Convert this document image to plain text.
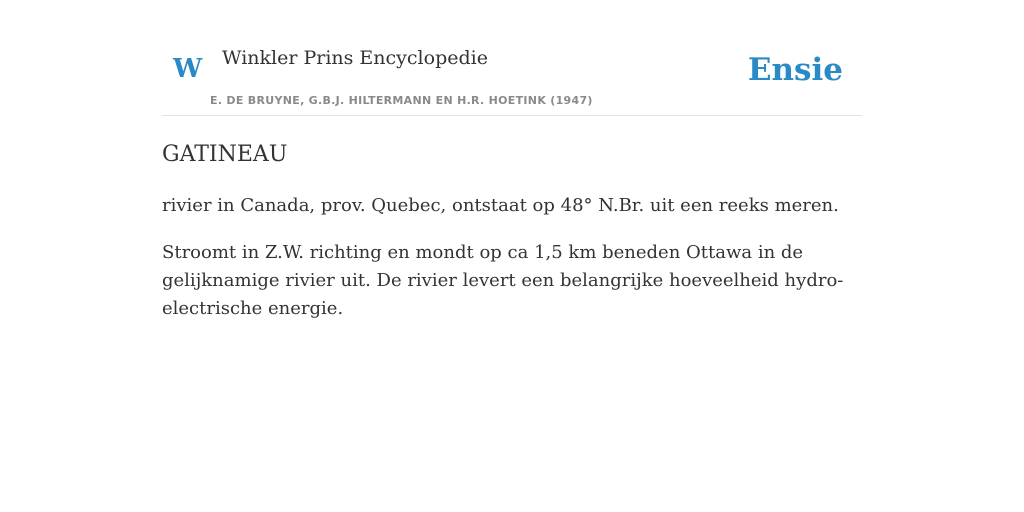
W Winkler Prins Encyclopedie
E. DE BRUYNE, G.B.J. HILTERMANN EN H.R. HOETINK (1947)
Ensie
GATINEAU

rivier in Canada, prov. Quebec, ontstaat op 48° N.Br. uit een reeks meren.

Stroomt in Z.W. richting en mondt op ca 1,5 km beneden Ottawa in de
gelijknamige rivier uit. De rivier levert een belangrijke hoeveelheid hydro-
electrische energie.
